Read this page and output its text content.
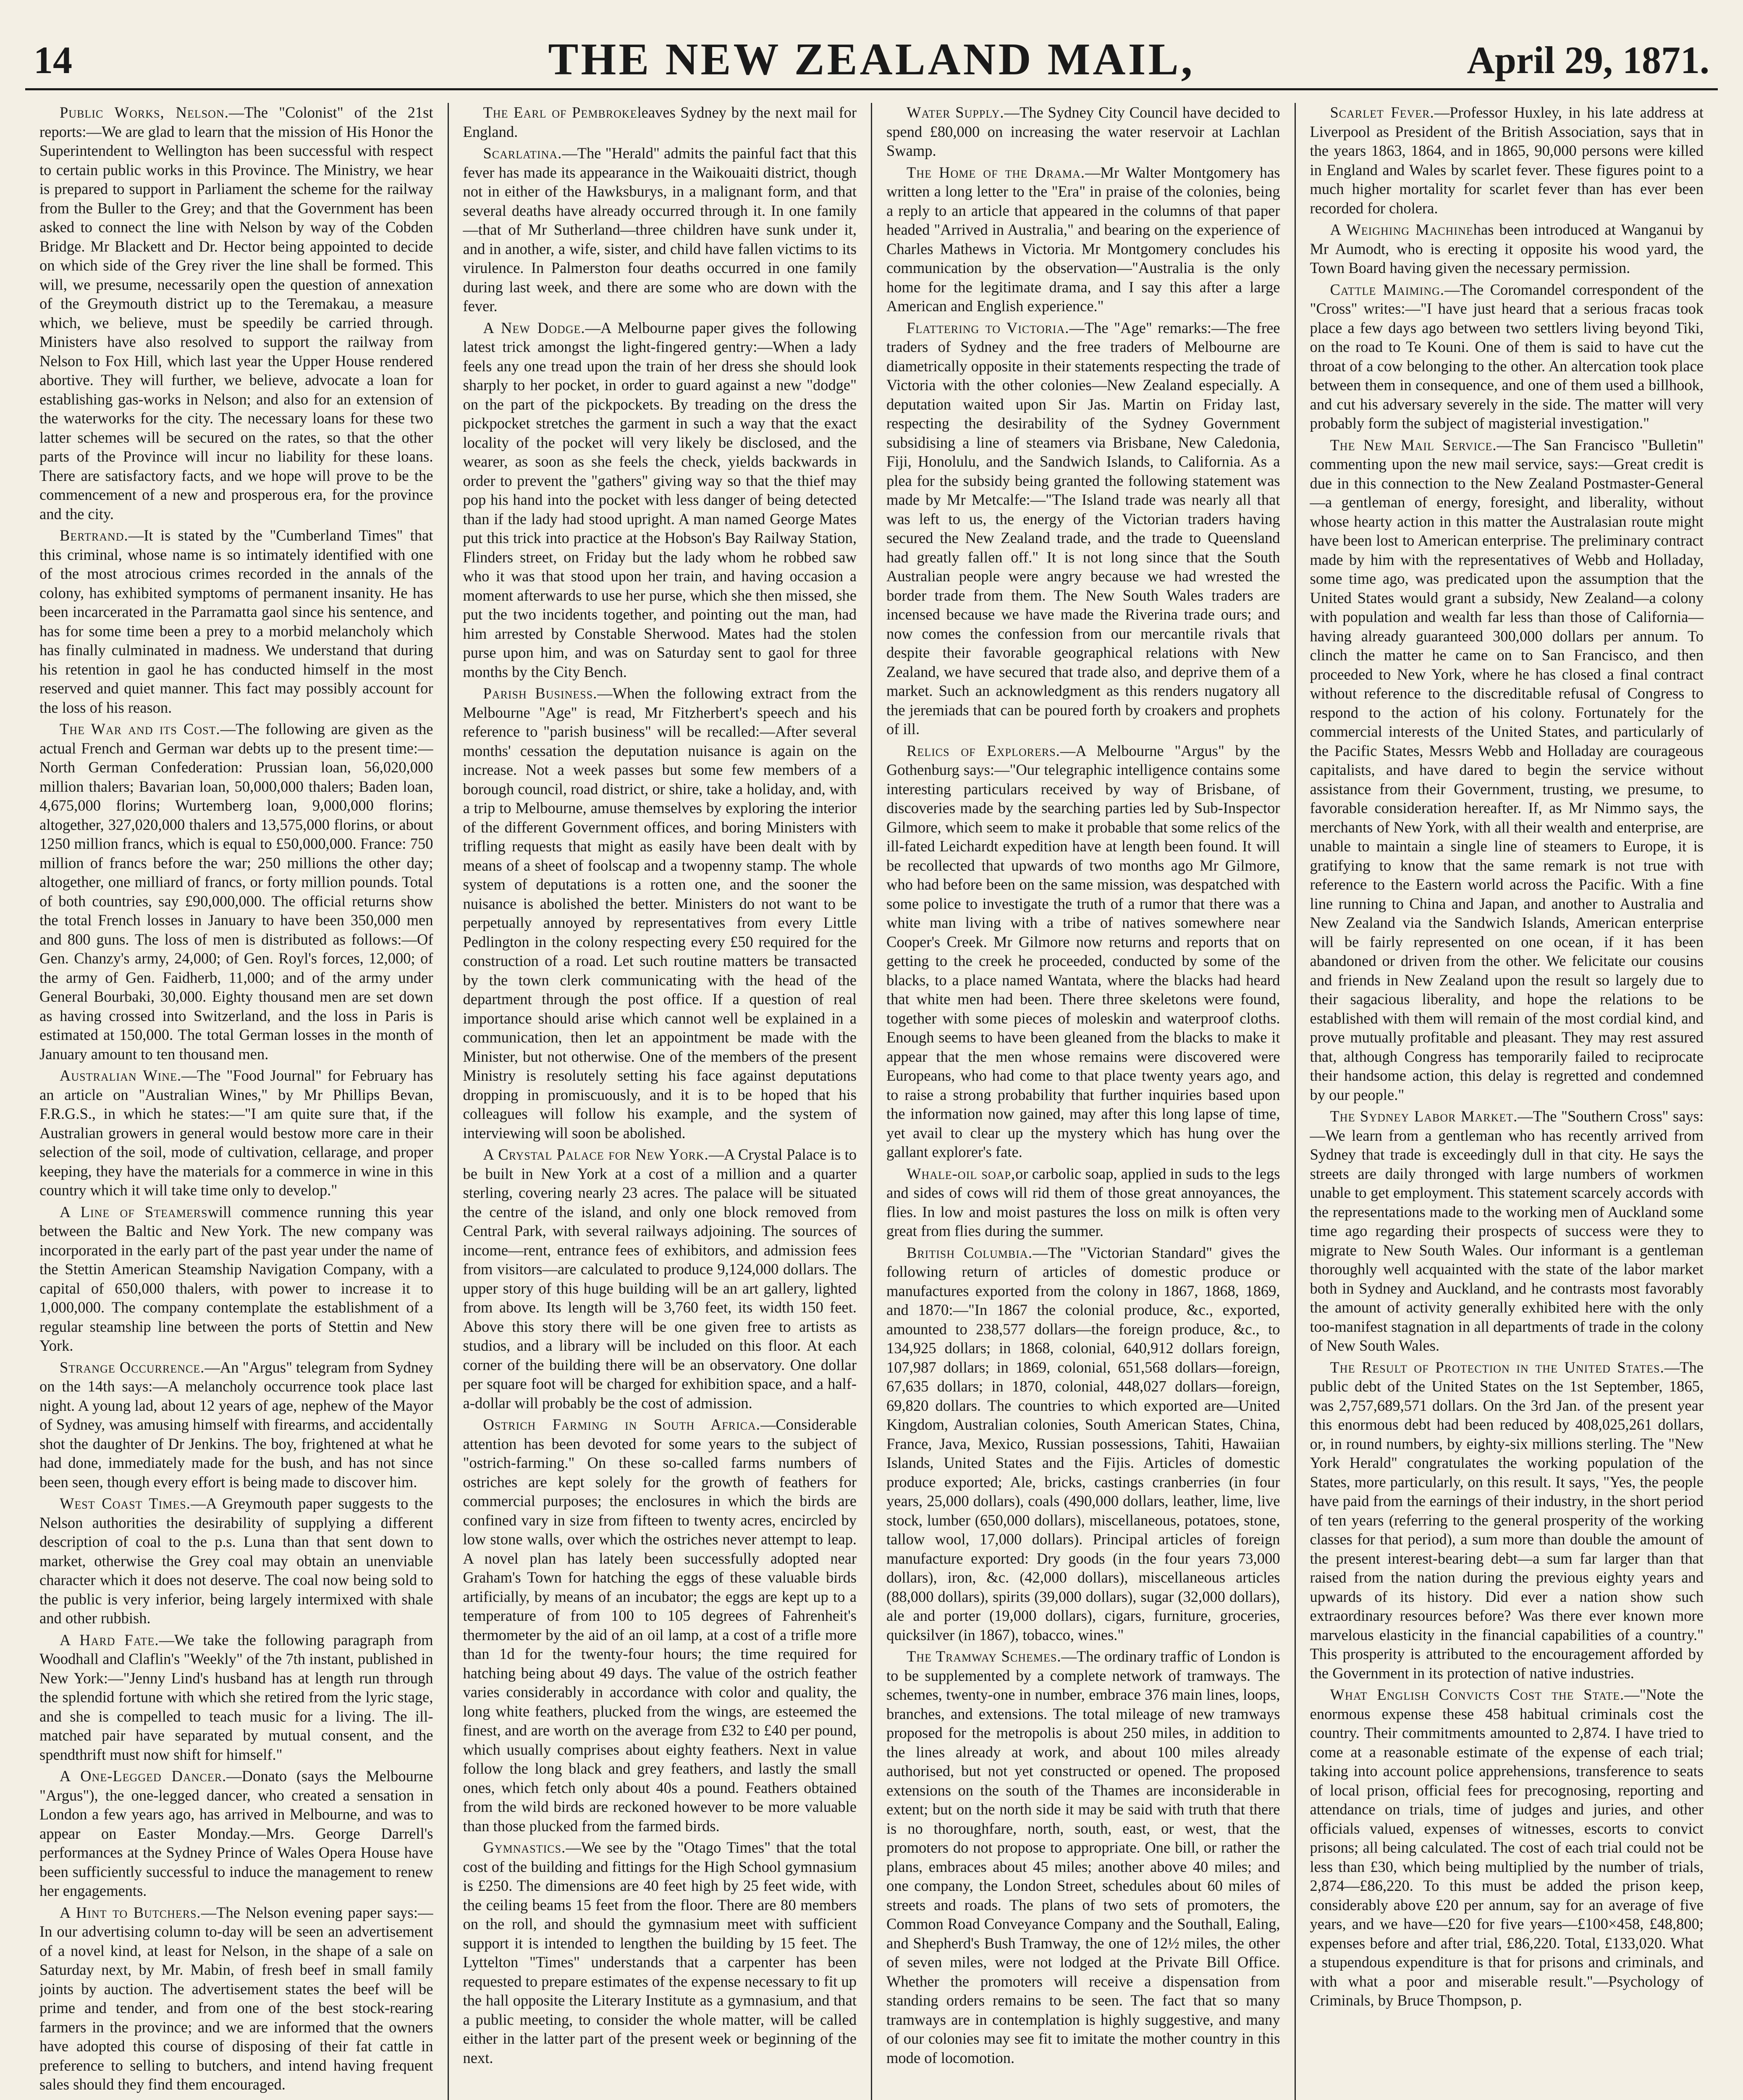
14	THE NEW ZEALAND MAIL,	April 29, 1871.

Public Works, Nelson.—The "Colonist" of the 21st reports:—We are glad to learn that the mission of His Honor the Superintendent to Wellington has been successful with respect to certain public works in this Province. The Ministry, we hear is prepared to support in Parliament the scheme for the railway from the Buller to the Grey; and that the Government has been asked to connect the line with Nelson by way of the Cobden Bridge. Mr Blackett and Dr. Hector being appointed to decide on which side of the Grey river the line shall be formed. This will, we presume, necessarily open the question of annexation of the Greymouth district up to the Teremakau, a measure which, we believe, must be speedily be carried through. Ministers have also resolved to support the railway from Nelson to Fox Hill, which last year the Upper House rendered abortive. They will further, we believe, advocate a loan for establishing gas-works in Nelson; and also for an extension of the waterworks for the city. The necessary loans for these two latter schemes will be secured on the rates, so that the other parts of the Province will incur no liability for these loans. There are satisfactory facts, and we hope will prove to be the commencement of a new and prosperous era, for the province and the city.

Bertrand.—It is stated by the "Cumberland Times" that this criminal, whose name is so intimately identified with one of the most atrocious crimes recorded in the annals of the colony, has exhibited symptoms of permanent insanity. He has been incarcerated in the Parramatta gaol since his sentence, and has for some time been a prey to a morbid melancholy which has finally culminated in madness. We understand that during his retention in gaol he has conducted himself in the most reserved and quiet manner. This fact may possibly account for the loss of his reason.

The War and its Cost.—The following are given as the actual French and German war debts up to the present time:—North German Confederation: Prussian loan, 56,020,000 million thalers; Bavarian loan, 50,000,000 thalers; Baden loan, 4,675,000 florins; Wurtemberg loan, 9,000,000 florins; altogether, 327,020,000 thalers and 13,575,000 florins, or about 1250 million francs, which is equal to £50,000,000. France: 750 million of francs before the war; 250 millions the other day; altogether, one milliard of francs, or forty million pounds. Total of both countries, say £90,000,000. The official returns show the total French losses in January to have been 350,000 men and 800 guns. The loss of men is distributed as follows:—Of Gen. Chanzy's army, 24,000; of Gen. Royl's forces, 12,000; of the army of Gen. Faidherb, 11,000; and of the army under General Bourbaki, 30,000. Eighty thousand men are set down as having crossed into Switzerland, and the loss in Paris is estimated at 150,000. The total German losses in the month of January amount to ten thousand men.

Australian Wine.—The "Food Journal" for February has an article on "Australian Wines," by Mr Phillips Bevan, F.R.G.S., in which he states:—"I am quite sure that, if the Australian growers in general would bestow more care in their selection of the soil, mode of cultivation, cellarage, and proper keeping, they have the materials for a commerce in wine in this country which it will take time only to develop."

A Line of Steamerswill commence running this year between the Baltic and New York. The new company was incorporated in the early part of the past year under the name of the Stettin American Steamship Navigation Company, with a capital of 650,000 thalers, with power to increase it to 1,000,000. The company contemplate the establishment of a regular steamship line between the ports of Stettin and New York.

Strange Occurrence.—An "Argus" telegram from Sydney on the 14th says:—A melancholy occurrence took place last night. A young lad, about 12 years of age, nephew of the Mayor of Sydney, was amusing himself with firearms, and accidentally shot the daughter of Dr Jenkins. The boy, frightened at what he had done, immediately made for the bush, and has not since been seen, though every effort is being made to discover him.

West Coast Times.—A Greymouth paper suggests to the Nelson authorities the desirability of supplying a different description of coal to the p.s. Luna than that sent down to market, otherwise the Grey coal may obtain an unenviable character which it does not deserve. The coal now being sold to the public is very inferior, being largely intermixed with shale and other rubbish.

A Hard Fate.—We take the following paragraph from Woodhall and Claflin's "Weekly" of the 7th instant, published in New York:—"Jenny Lind's husband has at length run through the splendid fortune with which she retired from the lyric stage, and she is compelled to teach music for a living. The ill-matched pair have separated by mutual consent, and the spendthrift must now shift for himself."

A One-Legged Dancer.—Donato (says the Melbourne "Argus"), the one-legged dancer, who created a sensation in London a few years ago, has arrived in Melbourne, and was to appear on Easter Monday.—Mrs. George Darrell's performances at the Sydney Prince of Wales Opera House have been sufficiently successful to induce the management to renew her engagements.

A Hint to Butchers.—The Nelson evening paper says:—In our advertising column to-day will be seen an advertisement of a novel kind, at least for Nelson, in the shape of a sale on Saturday next, by Mr. Mabin, of fresh beef in small family joints by auction. The advertisement states the beef will be prime and tender, and from one of the best stock-rearing farmers in the province; and we are informed that the owners have adopted this course of disposing of their fat cattle in preference to selling to butchers, and intend having frequent sales should they find them encouraged.

The Earl of Pembrokeleaves Sydney by the next mail for England.

Scarlatina.—The "Herald" admits the painful fact that this fever has made its appearance in the Waikouaiti district, though not in either of the Hawksburys, in a malignant form, and that several deaths have already occurred through it. In one family—that of Mr Sutherland—three children have sunk under it, and in another, a wife, sister, and child have fallen victims to its virulence. In Palmerston four deaths occurred in one family during last week, and there are some who are down with the fever.

A New Dodge.—A Melbourne paper gives the following latest trick amongst the light-fingered gentry:—When a lady feels any one tread upon the train of her dress she should look sharply to her pocket, in order to guard against a new "dodge" on the part of the pickpockets. By treading on the dress the pickpocket stretches the garment in such a way that the exact locality of the pocket will very likely be disclosed, and the wearer, as soon as she feels the check, yields backwards in order to prevent the "gathers" giving way so that the thief may pop his hand into the pocket with less danger of being detected than if the lady had stood upright. A man named George Mates put this trick into practice at the Hobson's Bay Railway Station, Flinders street, on Friday but the lady whom he robbed saw who it was that stood upon her train, and having occasion a moment afterwards to use her purse, which she then missed, she put the two incidents together, and pointing out the man, had him arrested by Constable Sherwood. Mates had the stolen purse upon him, and was on Saturday sent to gaol for three months by the City Bench.

Parish Business.—When the following extract from the Melbourne "Age" is read, Mr Fitzherbert's speech and his reference to "parish business" will be recalled:—After several months' cessation the deputation nuisance is again on the increase. Not a week passes but some few members of a borough council, road district, or shire, take a holiday, and, with a trip to Melbourne, amuse themselves by exploring the interior of the different Government offices, and boring Ministers with trifling requests that might as easily have been dealt with by means of a sheet of foolscap and a twopenny stamp. The whole system of deputations is a rotten one, and the sooner the nuisance is abolished the better. Ministers do not want to be perpetually annoyed by representatives from every Little Pedlington in the colony respecting every £50 required for the construction of a road. Let such routine matters be transacted by the town clerk communicating with the head of the department through the post office. If a question of real importance should arise which cannot well be explained in a communication, then let an appointment be made with the Minister, but not otherwise. One of the members of the present Ministry is resolutely setting his face against deputations dropping in promiscuously, and it is to be hoped that his colleagues will follow his example, and the system of interviewing will soon be abolished.

A Crystal Palace for New York.—A Crystal Palace is to be built in New York at a cost of a million and a quarter sterling, covering nearly 23 acres. The palace will be situated the centre of the island, and only one block removed from Central Park, with several railways adjoining. The sources of income—rent, entrance fees of exhibitors, and admission fees from visitors—are calculated to produce 9,124,000 dollars. The upper story of this huge building will be an art gallery, lighted from above. Its length will be 3,760 feet, its width 150 feet. Above this story there will be one given free to artists as studios, and a library will be included on this floor. At each corner of the building there will be an observatory. One dollar per square foot will be charged for exhibition space, and a half-a-dollar will probably be the cost of admission.

Ostrich Farming in South Africa.—Considerable attention has been devoted for some years to the subject of "ostrich-farming." On these so-called farms numbers of ostriches are kept solely for the growth of feathers for commercial purposes; the enclosures in which the birds are confined vary in size from fifteen to twenty acres, encircled by low stone walls, over which the ostriches never attempt to leap. A novel plan has lately been successfully adopted near Graham's Town for hatching the eggs of these valuable birds artificially, by means of an incubator; the eggs are kept up to a temperature of from 100 to 105 degrees of Fahrenheit's thermometer by the aid of an oil lamp, at a cost of a trifle more than 1d for the twenty-four hours; the time required for hatching being about 49 days. The value of the ostrich feather varies considerably in accordance with color and quality, the long white feathers, plucked from the wings, are esteemed the finest, and are worth on the average from £32 to £40 per pound, which usually comprises about eighty feathers. Next in value follow the long black and grey feathers, and lastly the small ones, which fetch only about 40s a pound. Feathers obtained from the wild birds are reckoned however to be more valuable than those plucked from the farmed birds.

Gymnastics.—We see by the "Otago Times" that the total cost of the building and fittings for the High School gymnasium is £250. The dimensions are 40 feet high by 25 feet wide, with the ceiling beams 15 feet from the floor. There are 80 members on the roll, and should the gymnasium meet with sufficient support it is intended to lengthen the building by 15 feet. The Lyttelton "Times" understands that a carpenter has been requested to prepare estimates of the expense necessary to fit up the hall opposite the Literary Institute as a gymnasium, and that a public meeting, to consider the whole matter, will be called either in the latter part of the present week or beginning of the next.

Water Supply.—The Sydney City Council have decided to spend £80,000 on increasing the water reservoir at Lachlan Swamp.

The Home of the Drama.—Mr Walter Montgomery has written a long letter to the "Era" in praise of the colonies, being a reply to an article that appeared in the columns of that paper headed "Arrived in Australia," and bearing on the experience of Charles Mathews in Victoria. Mr Montgomery concludes his communication by the observation—"Australia is the only home for the legitimate drama, and I say this after a large American and English experience."

Flattering to Victoria.—The "Age" remarks:—The free traders of Sydney and the free traders of Melbourne are diametrically opposite in their statements respecting the trade of Victoria with the other colonies—New Zealand especially. A deputation waited upon Sir Jas. Martin on Friday last, respecting the desirability of the Sydney Government subsidising a line of steamers via Brisbane, New Caledonia, Fiji, Honolulu, and the Sandwich Islands, to California. As a plea for the subsidy being granted the following statement was made by Mr Metcalfe:—"The Island trade was nearly all that was left to us, the energy of the Victorian traders having secured the New Zealand trade, and the trade to Queensland had greatly fallen off." It is not long since that the South Australian people were angry because we had wrested the border trade from them. The New South Wales traders are incensed because we have made the Riverina trade ours; and now comes the confession from our mercantile rivals that despite their favorable geographical relations with New Zealand, we have secured that trade also, and deprive them of a market. Such an acknowledgment as this renders nugatory all the jeremiads that can be poured forth by croakers and prophets of ill.

Relics of Explorers.—A Melbourne "Argus" by the Gothenburg says:—"Our telegraphic intelligence contains some interesting particulars received by way of Brisbane, of discoveries made by the searching parties led by Sub-Inspector Gilmore, which seem to make it probable that some relics of the ill-fated Leichardt expedition have at length been found. It will be recollected that upwards of two months ago Mr Gilmore, who had before been on the same mission, was despatched with some police to investigate the truth of a rumor that there was a white man living with a tribe of natives somewhere near Cooper's Creek. Mr Gilmore now returns and reports that on getting to the creek he proceeded, conducted by some of the blacks, to a place named Wantata, where the blacks had heard that white men had been. There three skeletons were found, together with some pieces of moleskin and waterproof cloths. Enough seems to have been gleaned from the blacks to make it appear that the men whose remains were discovered were Europeans, who had come to that place twenty years ago, and to raise a strong probability that further inquiries based upon the information now gained, may after this long lapse of time, yet avail to clear up the mystery which has hung over the gallant explorer's fate.

Whale-oil soap,or carbolic soap, applied in suds to the legs and sides of cows will rid them of those great annoyances, the flies. In low and moist pastures the loss on milk is often very great from flies during the summer.

British Columbia.—The "Victorian Standard" gives the following return of articles of domestic produce or manufactures exported from the colony in 1867, 1868, 1869, and 1870:—"In 1867 the colonial produce, &c., exported, amounted to 238,577 dollars—the foreign produce, &c., to 134,925 dollars; in 1868, colonial, 640,912 dollars foreign, 107,987 dollars; in 1869, colonial, 651,568 dollars—foreign, 67,635 dollars; in 1870, colonial, 448,027 dollars—foreign, 69,820 dollars. The countries to which exported are—United Kingdom, Australian colonies, South American States, China, France, Java, Mexico, Russian possessions, Tahiti, Hawaiian Islands, United States and the Fijis. Articles of domestic produce exported; Ale, bricks, castings cranberries (in four years, 25,000 dollars), coals (490,000 dollars, leather, lime, live stock, lumber (650,000 dollars), miscellaneous, potatoes, stone, tallow wool, 17,000 dollars). Principal articles of foreign manufacture exported: Dry goods (in the four years 73,000 dollars), iron, &c. (42,000 dollars), miscellaneous articles (88,000 dollars), spirits (39,000 dollars), sugar (32,000 dollars), ale and porter (19,000 dollars), cigars, furniture, groceries, quicksilver (in 1867), tobacco, wines."

The Tramway Schemes.—The ordinary traffic of London is to be supplemented by a complete network of tramways. The schemes, twenty-one in number, embrace 376 main lines, loops, branches, and extensions. The total mileage of new tramways proposed for the metropolis is about 250 miles, in addition to the lines already at work, and about 100 miles already authorised, but not yet constructed or opened. The proposed extensions on the south of the Thames are inconsiderable in extent; but on the north side it may be said with truth that there is no thoroughfare, north, south, east, or west, that the promoters do not propose to appropriate. One bill, or rather the plans, embraces about 45 miles; another above 40 miles; and one company, the London Street, schedules about 60 miles of streets and roads. The plans of two sets of promoters, the Common Road Conveyance Company and the Southall, Ealing, and Shepherd's Bush Tramway, the one of 12½ miles, the other of seven miles, were not lodged at the Private Bill Office. Whether the promoters will receive a dispensation from standing orders remains to be seen. The fact that so many tramways are in contemplation is highly suggestive, and many of our colonies may see fit to imitate the mother country in this mode of locomotion.

Scarlet Fever.—Professor Huxley, in his late address at Liverpool as President of the British Association, says that in the years 1863, 1864, and in 1865, 90,000 persons were killed in England and Wales by scarlet fever. These figures point to a much higher mortality for scarlet fever than has ever been recorded for cholera.

A Weighing Machinehas been introduced at Wanganui by Mr Aumodt, who is erecting it opposite his wood yard, the Town Board having given the necessary permission.

Cattle Maiming.—The Coromandel correspondent of the "Cross" writes:—"I have just heard that a serious fracas took place a few days ago between two settlers living beyond Tiki, on the road to Te Kouni. One of them is said to have cut the throat of a cow belonging to the other. An altercation took place between them in consequence, and one of them used a billhook, and cut his adversary severely in the side. The matter will very probably form the subject of magisterial investigation."

The New Mail Service.—The San Francisco "Bulletin" commenting upon the new mail service, says:—Great credit is due in this connection to the New Zealand Postmaster-General—a gentleman of energy, foresight, and liberality, without whose hearty action in this matter the Australasian route might have been lost to American enterprise. The preliminary contract made by him with the representatives of Webb and Holladay, some time ago, was predicated upon the assumption that the United States would grant a subsidy, New Zealand—a colony with population and wealth far less than those of California—having already guaranteed 300,000 dollars per annum. To clinch the matter he came on to San Francisco, and then proceeded to New York, where he has closed a final contract without reference to the discreditable refusal of Congress to respond to the action of his colony. Fortunately for the commercial interests of the United States, and particularly of the Pacific States, Messrs Webb and Holladay are courageous capitalists, and have dared to begin the service without assistance from their Government, trusting, we presume, to favorable consideration hereafter. If, as Mr Nimmo says, the merchants of New York, with all their wealth and enterprise, are unable to maintain a single line of steamers to Europe, it is gratifying to know that the same remark is not true with reference to the Eastern world across the Pacific. With a fine line running to China and Japan, and another to Australia and New Zealand via the Sandwich Islands, American enterprise will be fairly represented on one ocean, if it has been abandoned or driven from the other. We felicitate our cousins and friends in New Zealand upon the result so largely due to their sagacious liberality, and hope the relations to be established with them will remain of the most cordial kind, and prove mutually profitable and pleasant. They may rest assured that, although Congress has temporarily failed to reciprocate their handsome action, this delay is regretted and condemned by our people."

The Sydney Labor Market.—The "Southern Cross" says:—We learn from a gentleman who has recently arrived from Sydney that trade is exceedingly dull in that city. He says the streets are daily thronged with large numbers of workmen unable to get employment. This statement scarcely accords with the representations made to the working men of Auckland some time ago regarding their prospects of success were they to migrate to New South Wales. Our informant is a gentleman thoroughly well acquainted with the state of the labor market both in Sydney and Auckland, and he contrasts most favorably the amount of activity generally exhibited here with the only too-manifest stagnation in all departments of trade in the colony of New South Wales.

The Result of Protection in the United States.—The public debt of the United States on the 1st September, 1865, was 2,757,689,571 dollars. On the 3rd Jan. of the present year this enormous debt had been reduced by 408,025,261 dollars, or, in round numbers, by eighty-six millions sterling. The "New York Herald" congratulates the working population of the States, more particularly, on this result. It says, "Yes, the people have paid from the earnings of their industry, in the short period of ten years (referring to the general prosperity of the working classes for that period), a sum more than double the amount of the present interest-bearing debt—a sum far larger than that raised from the nation during the previous eighty years and upwards of its history. Did ever a nation show such extraordinary resources before? Was there ever known more marvelous elasticity in the financial capabilities of a country." This prosperity is attributed to the encouragement afforded by the Government in its protection of native industries.

What English Convicts Cost the State.—"Note the enormous expense these 458 habitual criminals cost the country. Their commitments amounted to 2,874. I have tried to come at a reasonable estimate of the expense of each trial; taking into account police apprehensions, transference to seats of local prison, official fees for precognosing, reporting and attendance on trials, time of judges and juries, and other officials valued, expenses of witnesses, escorts to convict prisons; all being calculated. The cost of each trial could not be less than £30, which being multiplied by the number of trials, 2,874—£86,220. To this must be added the prison keep, considerably above £20 per annum, say for an average of five years, and we have—£20 for five years—£100×458, £48,800; expenses before and after trial, £86,220. Total, £133,020. What a stupendous expenditure is that for prisons and criminals, and with what a poor and miserable result."—Psychology of Criminals, by Bruce Thompson, p.
